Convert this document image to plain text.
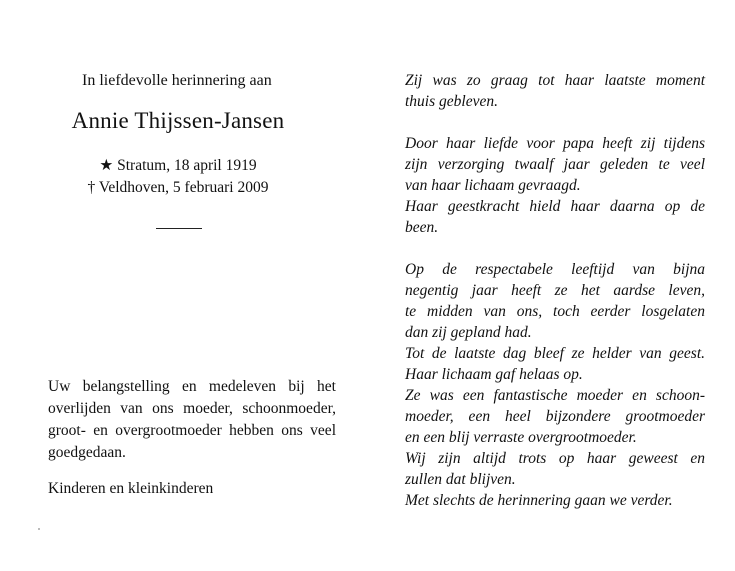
In liefdevolle herinnering aan
Annie Thijssen-Jansen
★ Stratum, 18 april 1919
† Veldhoven, 5 februari 2009
Uw belangstelling en medeleven bij het
overlijden van ons moeder, schoonmoeder,
groot- en overgrootmoeder hebben ons veel
goedgedaan.
Kinderen en kleinkinderen
Zij was zo graag tot haar laatste moment
thuis gebleven.
Door haar liefde voor papa heeft zij tijdens
zijn verzorging twaalf jaar geleden te veel
van haar lichaam gevraagd.
Haar geestkracht hield haar daarna op de
been.
Op de respectabele leeftijd van bijna
negentig jaar heeft ze het aardse leven,
te midden van ons, toch eerder losgelaten
dan zij gepland had.
Tot de laatste dag bleef ze helder van geest.
Haar lichaam gaf helaas op.
Ze was een fantastische moeder en schoon-
moeder, een heel bijzondere grootmoeder
en een blij verraste overgrootmoeder.
Wij zijn altijd trots op haar geweest en
zullen dat blijven.
Met slechts de herinnering gaan we verder.
